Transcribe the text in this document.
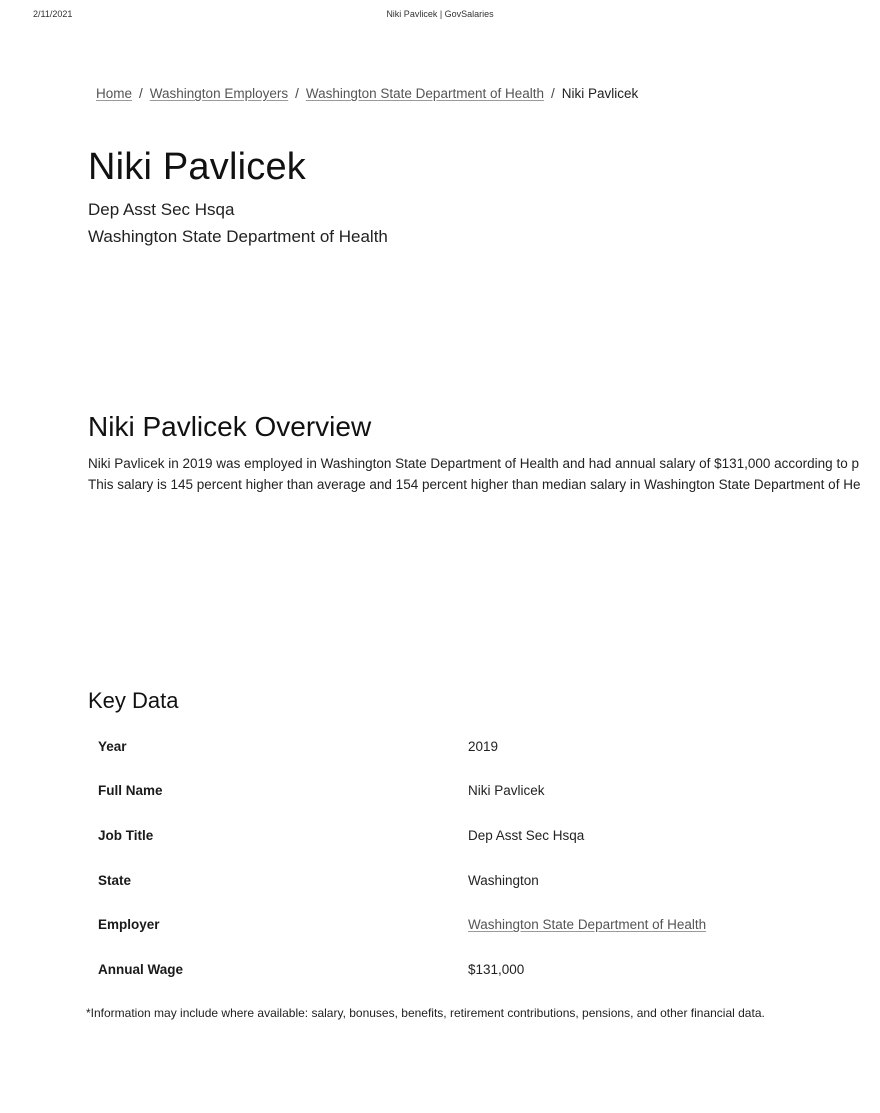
2/11/2021	Niki Pavlicek | GovSalaries
Home / Washington Employers / Washington State Department of Health / Niki Pavlicek
Niki Pavlicek
Dep Asst Sec Hsqa
Washington State Department of Health
Niki Pavlicek Overview
Niki Pavlicek in 2019 was employed in Washington State Department of Health and had annual salary of $131,000 according to p
This salary is 145 percent higher than average and 154 percent higher than median salary in Washington State Department of He
Key Data
Year	2019
Full Name	Niki Pavlicek
Job Title	Dep Asst Sec Hsqa
State	Washington
Employer	Washington State Department of Health
Annual Wage	$131,000
*Information may include where available: salary, bonuses, benefits, retirement contributions, pensions, and other financial data.
